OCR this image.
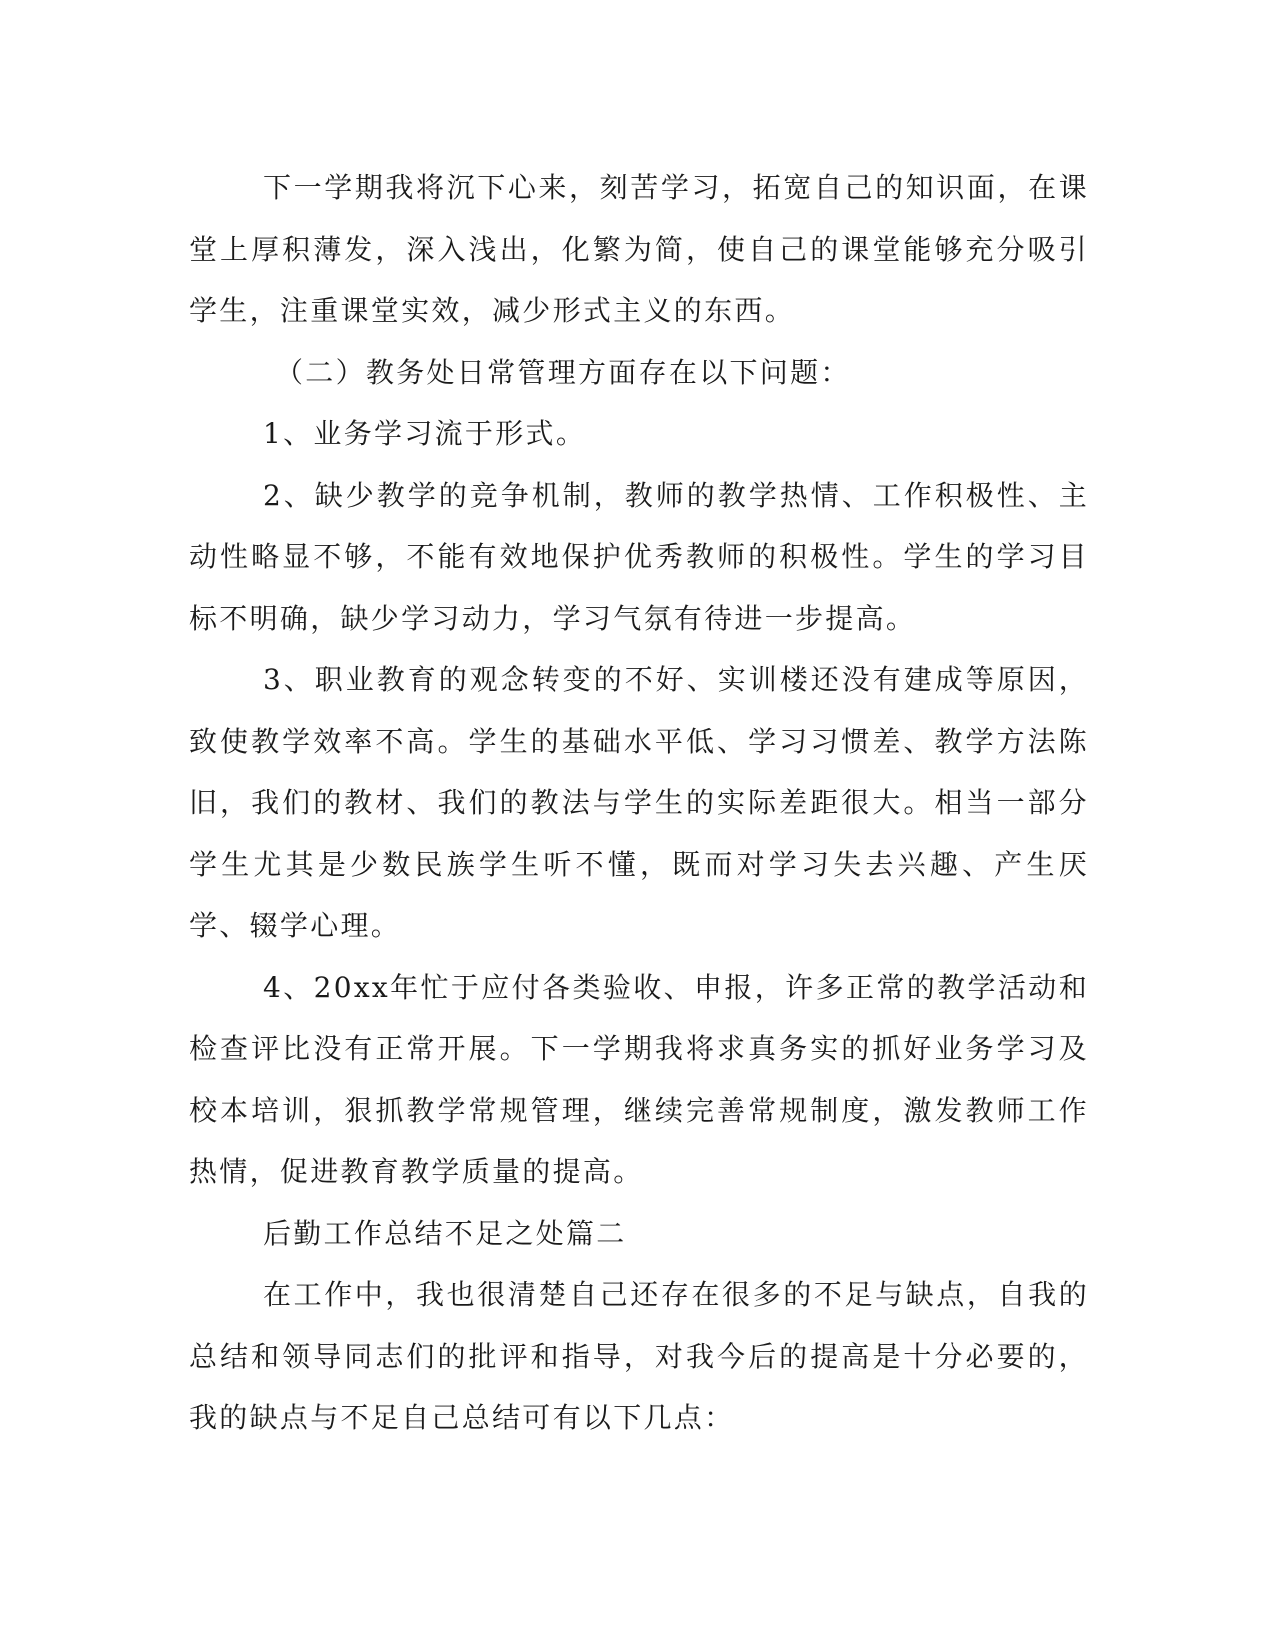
下一学期我将沉下心来，刻苦学习，拓宽自己的知识面，在课堂上厚积薄发，深入浅出，化繁为简，使自己的课堂能够充分吸引学生，注重课堂实效，减少形式主义的东西。

（二）教务处日常管理方面存在以下问题：

1、业务学习流于形式。

2、缺少教学的竞争机制，教师的教学热情、工作积极性、主动性略显不够，不能有效地保护优秀教师的积极性。学生的学习目标不明确，缺少学习动力，学习气氛有待进一步提高。

3、职业教育的观念转变的不好、实训楼还没有建成等原因，致使教学效率不高。学生的基础水平低、学习习惯差、教学方法陈旧，我们的教材、我们的教法与学生的实际差距很大。相当一部分学生尤其是少数民族学生听不懂，既而对学习失去兴趣、产生厌学、辍学心理。

4、20xx年忙于应付各类验收、申报，许多正常的教学活动和检查评比没有正常开展。下一学期我将求真务实的抓好业务学习及校本培训，狠抓教学常规管理，继续完善常规制度，激发教师工作热情，促进教育教学质量的提高。

后勤工作总结不足之处篇二

在工作中，我也很清楚自己还存在很多的不足与缺点，自我的总结和领导同志们的批评和指导，对我今后的提高是十分必要的，我的缺点与不足自己总结可有以下几点：
